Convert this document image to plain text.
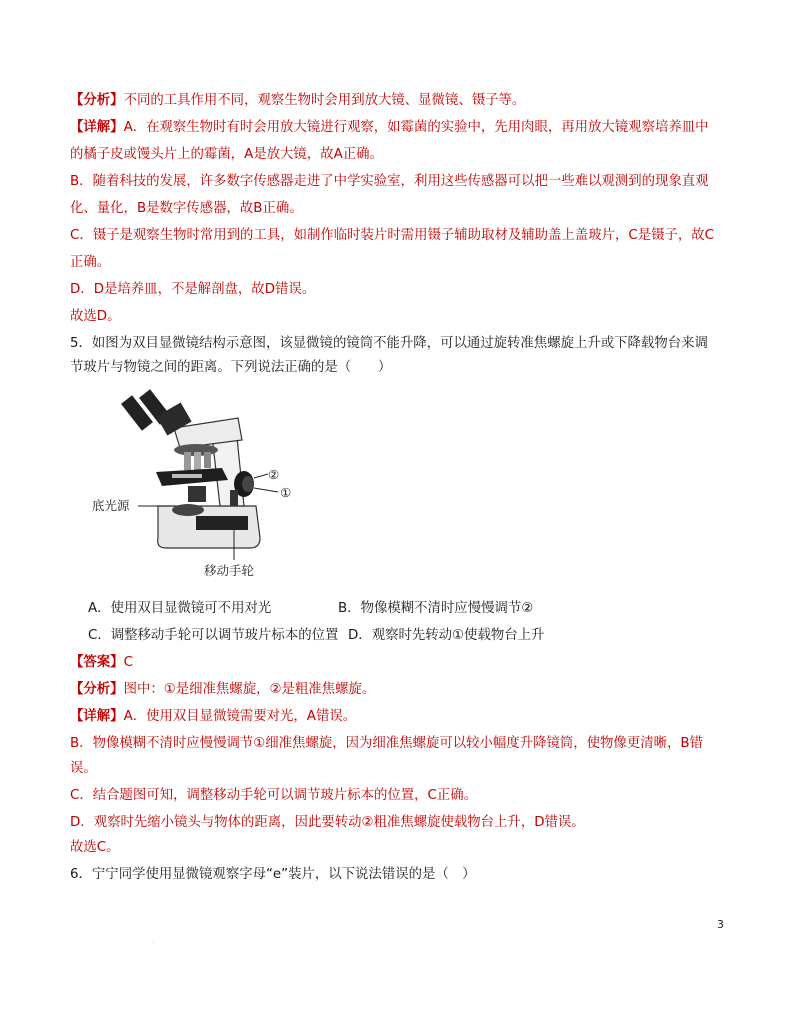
【分析】不同的工具作用不同，观察生物时会用到放大镜、显微镜、镊子等。
【详解】A．在观察生物时有时会用放大镜进行观察，如霉菌的实验中，先用肉眼，再用放大镜观察培养皿中
的橘子皮或馒头片上的霉菌，A是放大镜，故A正确。
B．随着科技的发展，许多数字传感器走进了中学实验室，利用这些传感器可以把一些难以观测到的现象直观
化、量化，B是数字传感器，故B正确。
C．镊子是观察生物时常用到的工具，如制作临时装片时需用镊子辅助取材及辅助盖上盖玻片，C是镊子，故C
正确。
D．D是培养皿，不是解剖盘，故D错误。
故选D。
5．如图为双目显微镜结构示意图，该显微镜的镜筒不能升降，可以通过旋转准焦螺旋上升或下降载物台来调
节玻片与物镜之间的距离。下列说法正确的是（　　）
②
①
底光源
移动手轮
A．使用双目显微镜可不用对光	B．物像模糊不清时应慢慢调节②
C．调整移动手轮可以调节玻片标本的位置 D．观察时先转动①使载物台上升
【答案】C
【分析】图中：①是细准焦螺旋，②是粗准焦螺旋。
【详解】A．使用双目显微镜需要对光，A错误。
B．物像模糊不清时应慢慢调节①细准焦螺旋，因为细准焦螺旋可以较小幅度升降镜筒，使物像更清晰，B错
误。
C．结合题图可知，调整移动手轮可以调节玻片标本的位置，C正确。
D．观察时先缩小镜头与物体的距离，因此要转动②粗准焦螺旋使载物台上升，D错误。
故选C。
6．宁宁同学使用显微镜观察字母“e”装片，以下说法错误的是（　）
3
.
